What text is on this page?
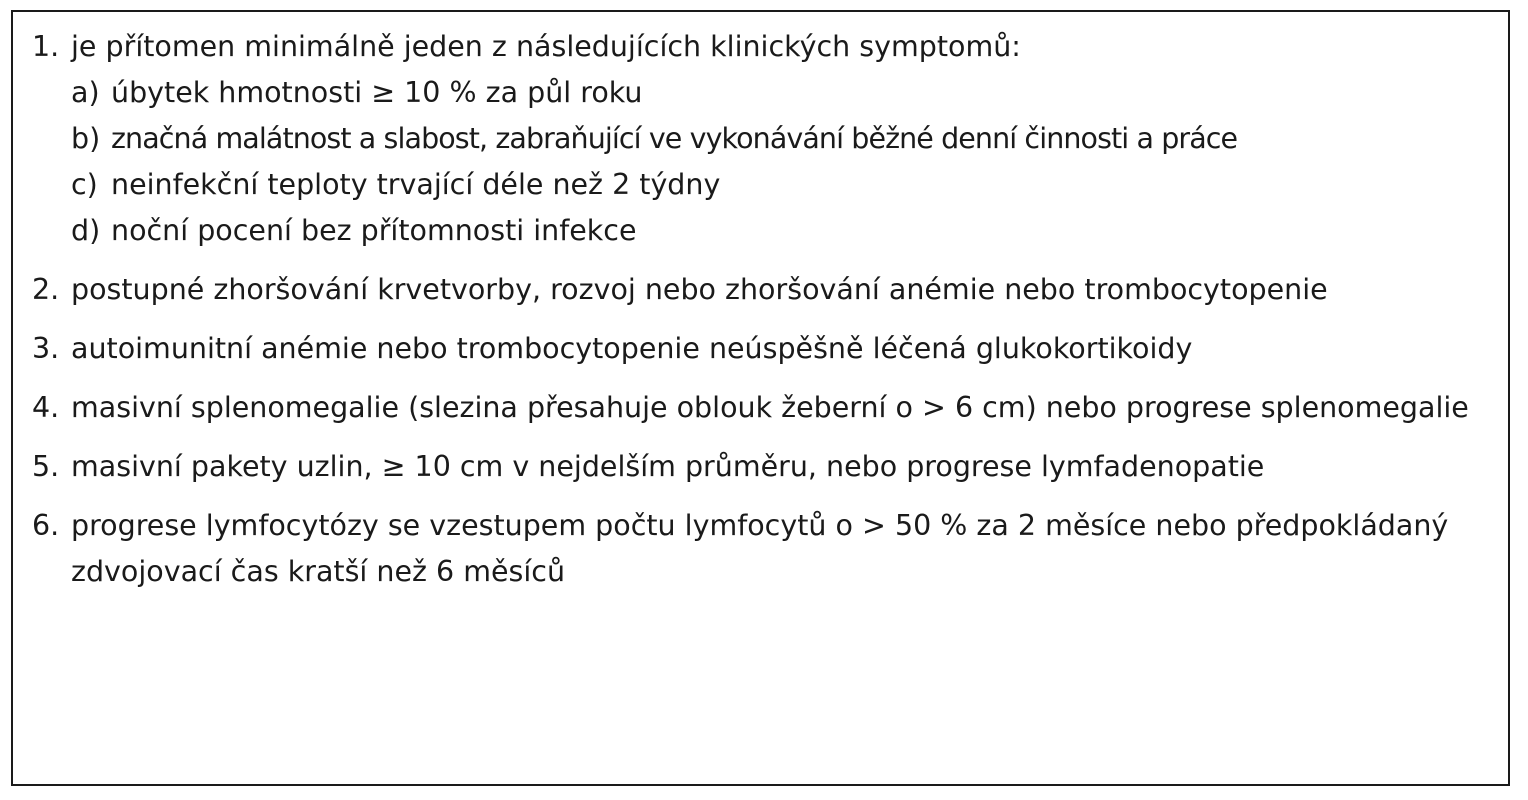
1. je přítomen minimálně jeden z následujících klinických symptomů:
a) úbytek hmotnosti ≥ 10 % za půl roku
b) značná malátnost a slabost, zabraňující ve vykonávání běžné denní činnosti a práce
c) neinfekční teploty trvající déle než 2 týdny
d) noční pocení bez přítomnosti infekce
2. postupné zhoršování krvetvorby, rozvoj nebo zhoršování anémie nebo trombocytopenie
3. autoimunitní anémie nebo trombocytopenie neúspěšně léčená glukokortikoidy
4. masivní splenomegalie (slezina přesahuje oblouk žeberní o > 6 cm) nebo progrese splenomegalie
5. masivní pakety uzlin, ≥ 10 cm v nejdelším průměru, nebo progrese lymfadenopatie
6. progrese lymfocytózy se vzestupem počtu lymfocytů o > 50 % za 2 měsíce nebo předpokládaný zdvojovací čas kratší než 6 měsíců
